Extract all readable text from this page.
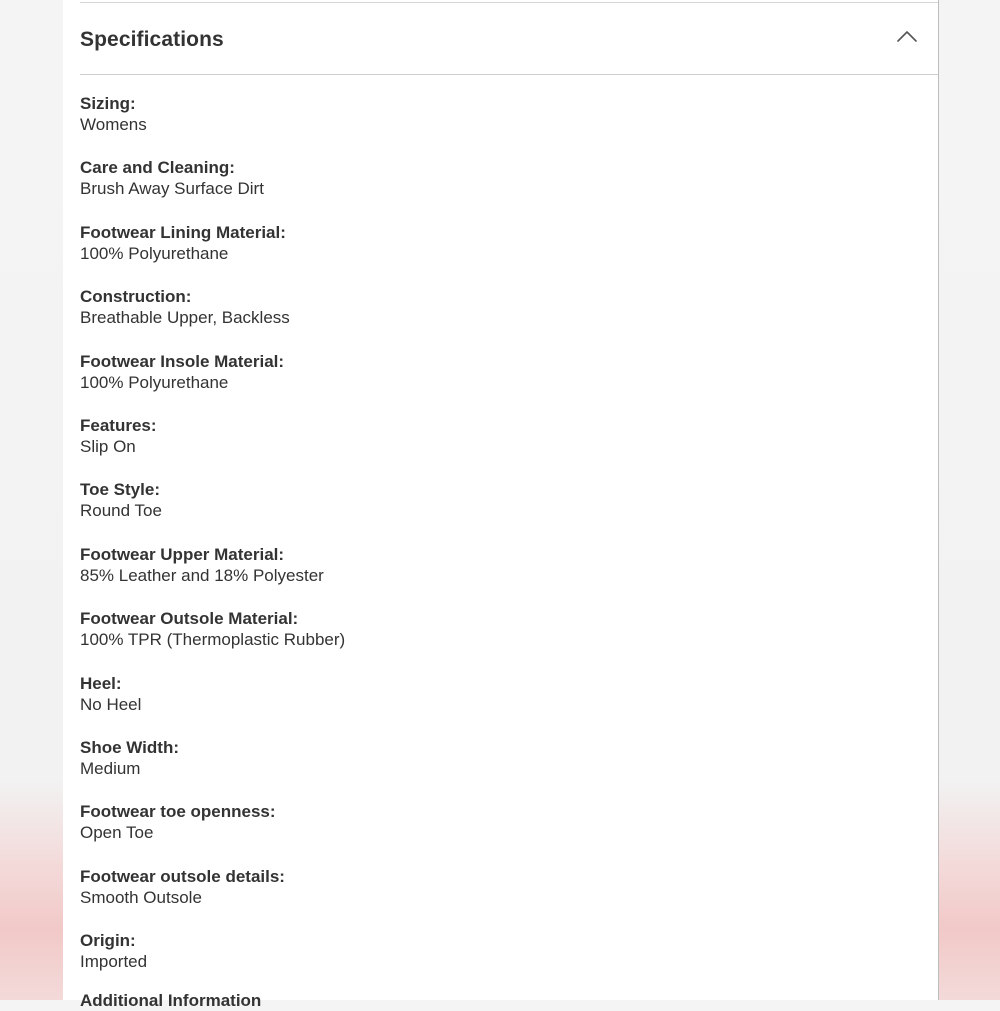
Specifications
Sizing:
Womens
Care and Cleaning:
Brush Away Surface Dirt
Footwear Lining Material:
100% Polyurethane
Construction:
Breathable Upper, Backless
Footwear Insole Material:
100% Polyurethane
Features:
Slip On
Toe Style:
Round Toe
Footwear Upper Material:
85% Leather and 18% Polyester
Footwear Outsole Material:
100% TPR (Thermoplastic Rubber)
Heel:
No Heel
Shoe Width:
Medium
Footwear toe openness:
Open Toe
Footwear outsole details:
Smooth Outsole
Origin:
Imported
Additional Information
